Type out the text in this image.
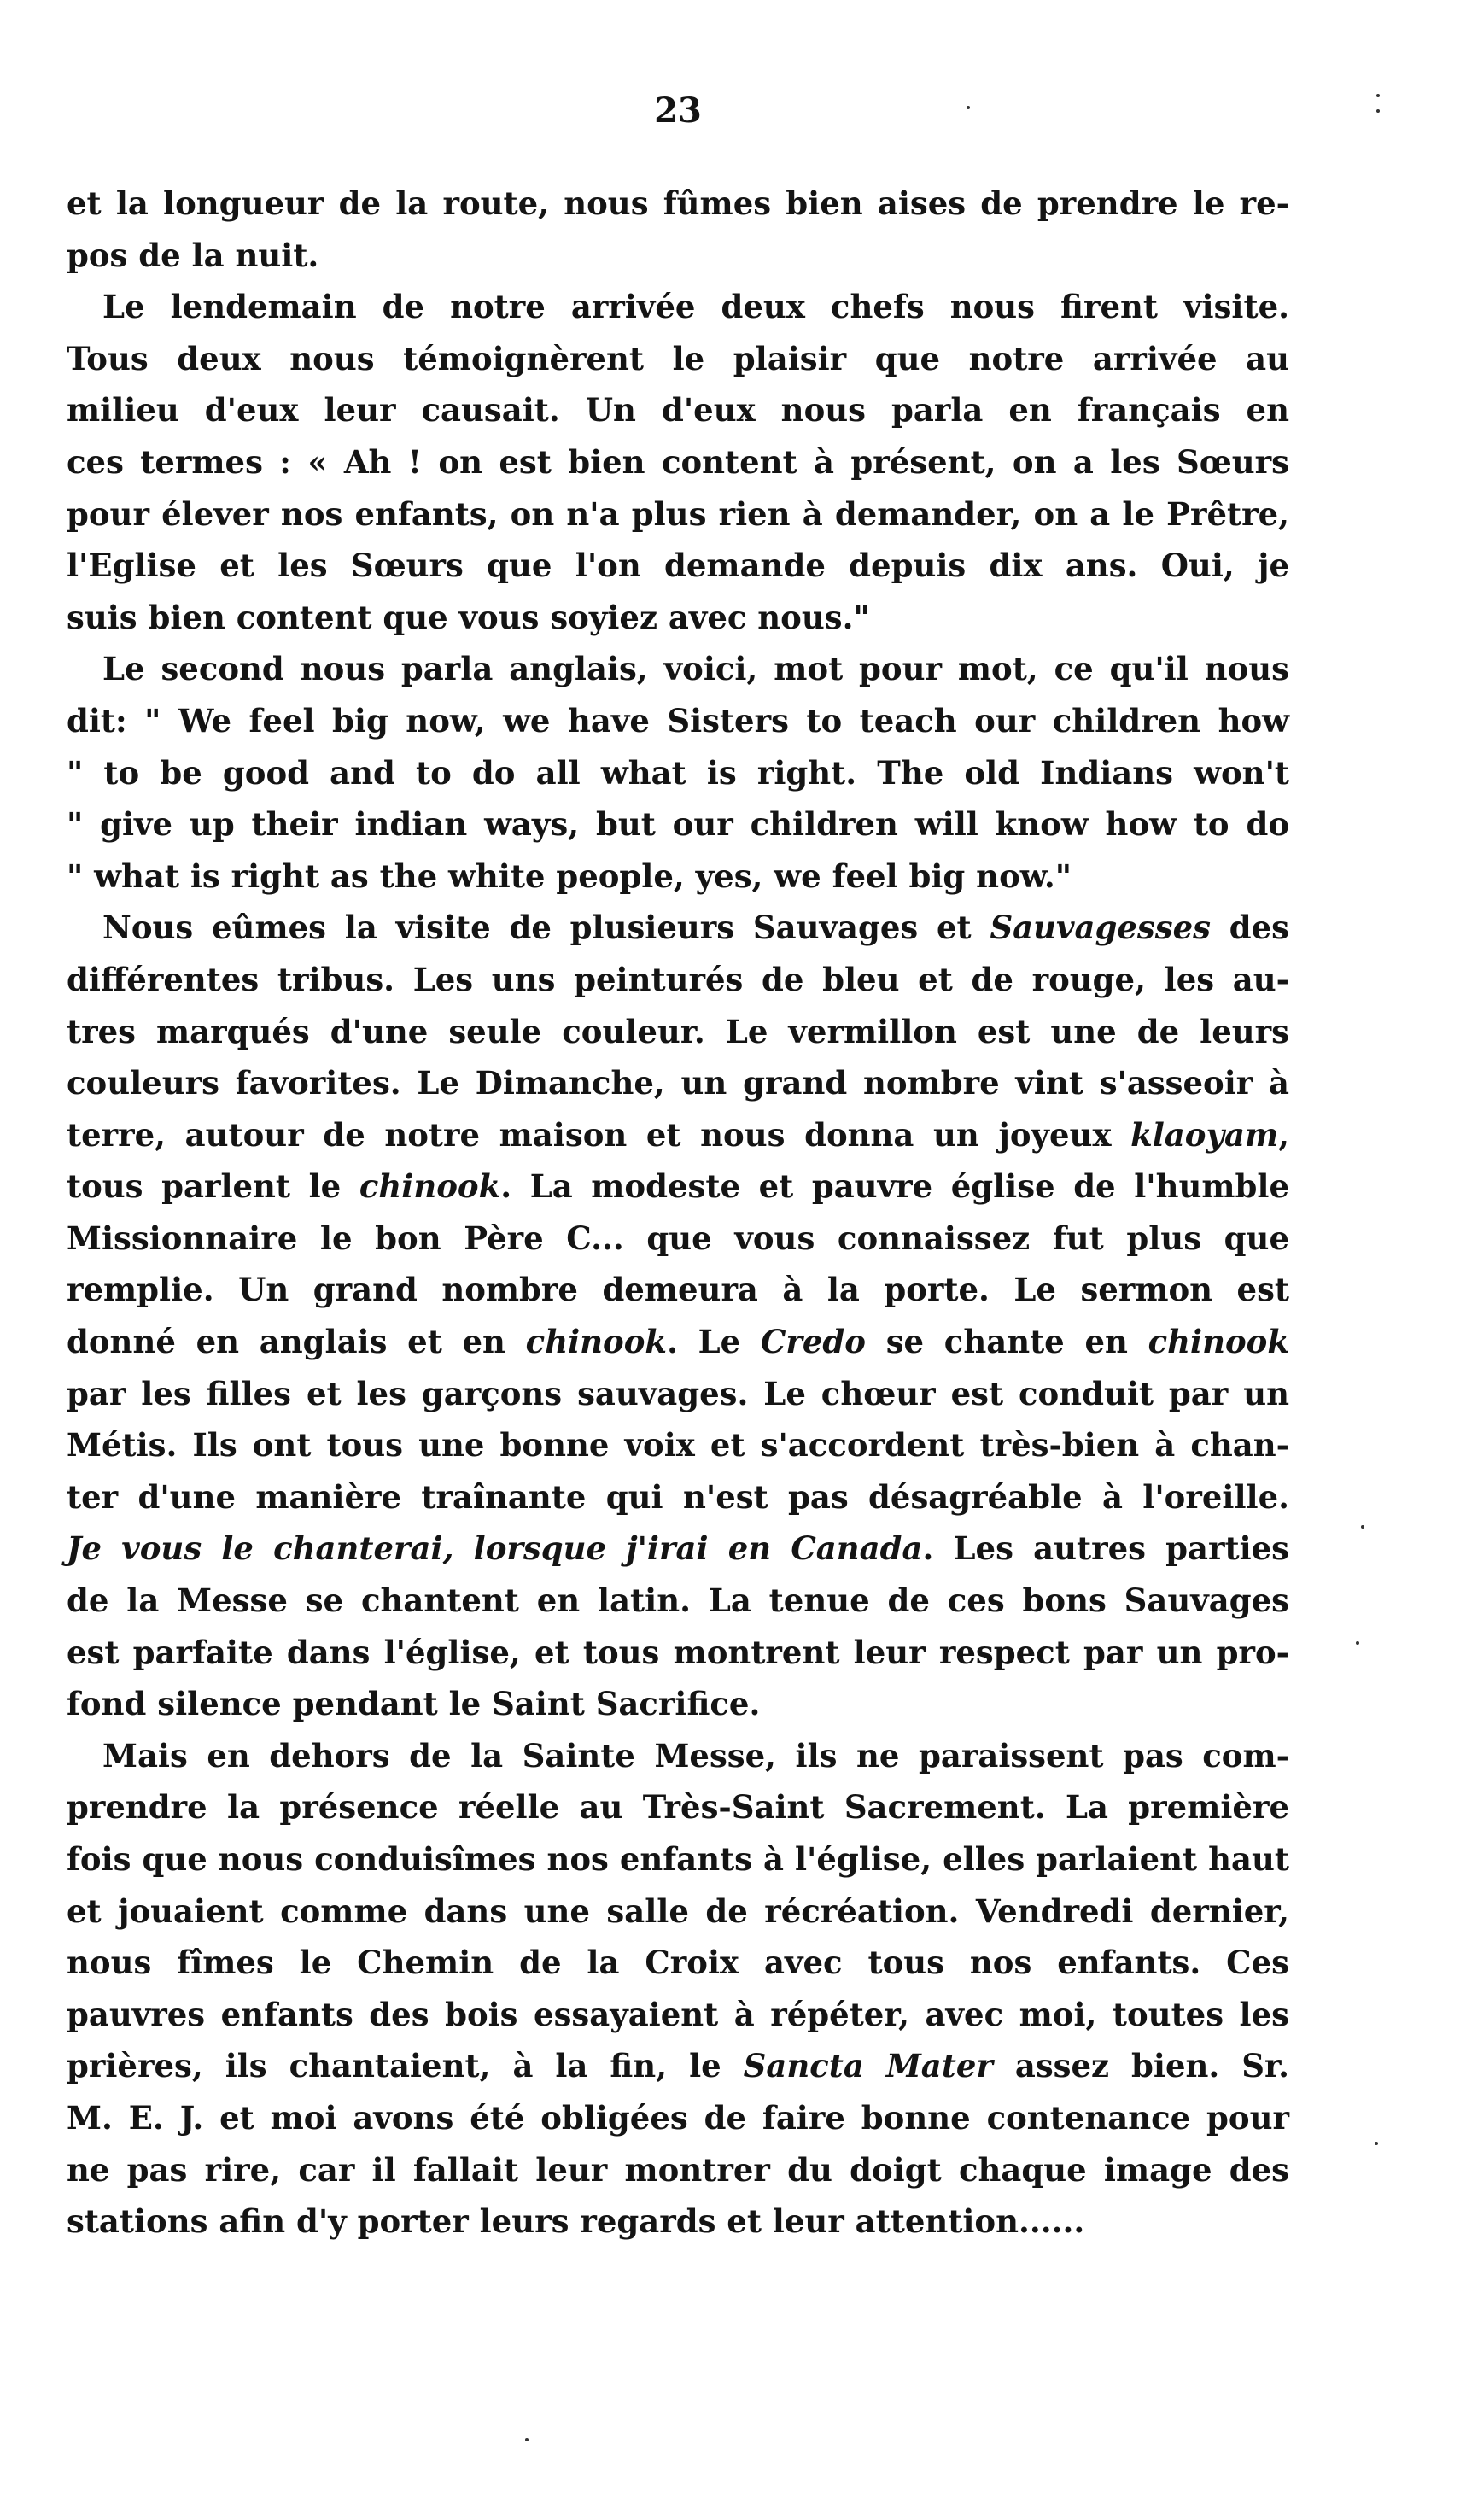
23

et la longueur de la route, nous fûmes bien aises de prendre le re-
pos de la nuit.

Le lendemain de notre arrivée deux chefs nous firent visite.
Tous deux nous témoignèrent le plaisir que notre arrivée au
milieu d'eux leur causait. Un d'eux nous parla en français en
ces termes : « Ah ! on est bien content à présent, on a les Sœurs
pour élever nos enfants, on n'a plus rien à demander, on a le Prêtre,
l'Eglise et les Sœurs que l'on demande depuis dix ans. Oui, je
suis bien content que vous soyiez avec nous."

Le second nous parla anglais, voici, mot pour mot, ce qu'il nous
dit: " We feel big now, we have Sisters to teach our children how
" to be good and to do all what is right. The old Indians won't
" give up their indian ways, but our children will know how to do
" what is right as the white people, yes, we feel big now."

Nous eûmes la visite de plusieurs Sauvages et Sauvagesses des
différentes tribus. Les uns peinturés de bleu et de rouge, les au-
tres marqués d'une seule couleur. Le vermillon est une de leurs
couleurs favorites. Le Dimanche, un grand nombre vint s'asseoir à
terre, autour de notre maison et nous donna un joyeux klaoyam,
tous parlent le chinook. La modeste et pauvre église de l'humble
Missionnaire le bon Père C... que vous connaissez fut plus que
remplie. Un grand nombre demeura à la porte. Le sermon est
donné en anglais et en chinook. Le Credo se chante en chinook
par les filles et les garçons sauvages. Le chœur est conduit par un
Métis. Ils ont tous une bonne voix et s'accordent très-bien à chan-
ter d'une manière traînante qui n'est pas désagréable à l'oreille.
Je vous le chanterai, lorsque j'irai en Canada. Les autres parties
de la Messe se chantent en latin. La tenue de ces bons Sauvages
est parfaite dans l'église, et tous montrent leur respect par un pro-
fond silence pendant le Saint Sacrifice.

Mais en dehors de la Sainte Messe, ils ne paraissent pas com-
prendre la présence réelle au Très-Saint Sacrement. La première
fois que nous conduisîmes nos enfants à l'église, elles parlaient haut
et jouaient comme dans une salle de récréation. Vendredi dernier,
nous fîmes le Chemin de la Croix avec tous nos enfants. Ces
pauvres enfants des bois essayaient à répéter, avec moi, toutes les
prières, ils chantaient, à la fin, le Sancta Mater assez bien. Sr.
M. E. J. et moi avons été obligées de faire bonne contenance pour
ne pas rire, car il fallait leur montrer du doigt chaque image des
stations afin d'y porter leurs regards et leur attention......
